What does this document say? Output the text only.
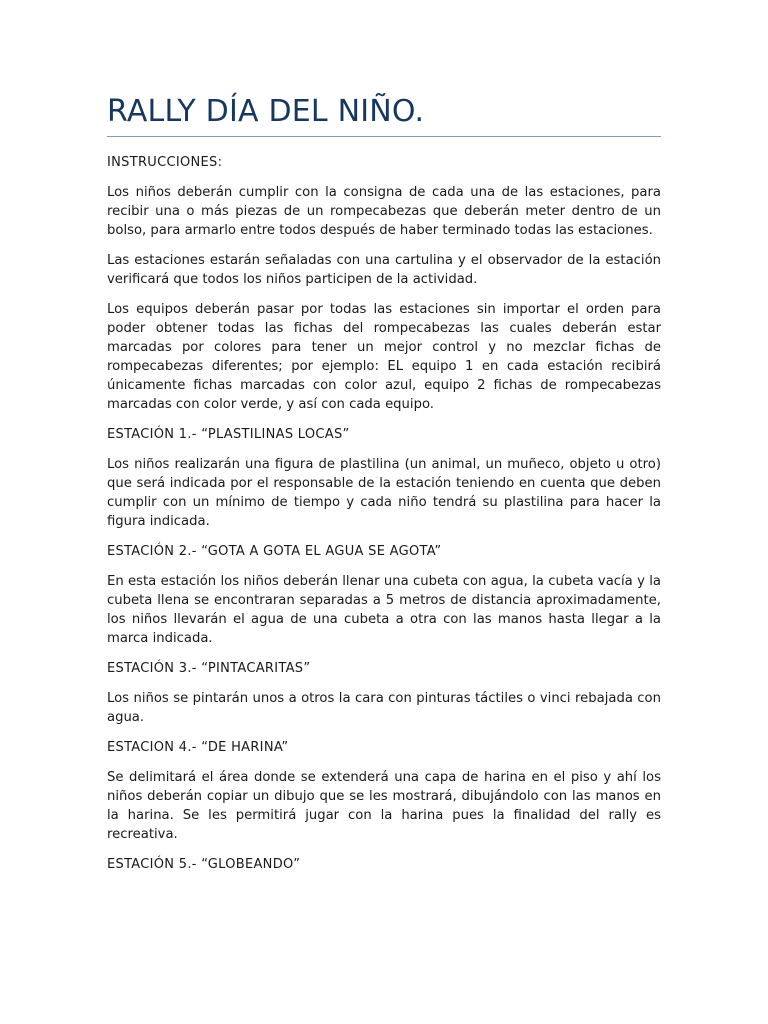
RALLY DÍA DEL NIÑO.

INSTRUCCIONES:

Los niños deberán cumplir con la consigna de cada una de las estaciones, para recibir una o más piezas de un rompecabezas que deberán meter dentro de un bolso, para armarlo entre todos después de haber terminado todas las estaciones.

Las estaciones estarán señaladas con una cartulina y el observador de la estación verificará que todos los niños participen de la actividad.

Los equipos deberán pasar por todas las estaciones sin importar el orden para poder obtener todas las fichas del rompecabezas las cuales deberán estar marcadas por colores para tener un mejor control y no mezclar fichas de rompecabezas diferentes; por ejemplo: EL equipo 1 en cada estación recibirá únicamente fichas marcadas con color azul, equipo 2 fichas de rompecabezas marcadas con color verde, y así con cada equipo.

ESTACIÓN 1.- “PLASTILINAS LOCAS”

Los niños realizarán una figura de plastilina (un animal, un muñeco, objeto u otro) que será indicada por el responsable de la estación teniendo en cuenta que deben cumplir con un mínimo de tiempo y cada niño tendrá su plastilina para hacer la figura indicada.

ESTACIÓN 2.- “GOTA A GOTA EL AGUA SE AGOTA”

En esta estación los niños deberán llenar una cubeta con agua, la cubeta vacía y la cubeta llena se encontraran separadas a 5 metros de distancia aproximadamente, los niños llevarán el agua de una cubeta a otra con las manos hasta llegar a la marca indicada.

ESTACIÓN 3.- “PINTACARITAS”

Los niños se pintarán unos a otros la cara con pinturas táctiles o vinci rebajada con agua.

ESTACION 4.- “DE HARINA”

Se delimitará el área donde se extenderá una capa de harina en el piso y ahí los niños deberán copiar un dibujo que se les mostrará, dibujándolo con las manos en la harina. Se les permitirá jugar con la harina pues la finalidad del rally es recreativa.

ESTACIÓN 5.- “GLOBEANDO”
